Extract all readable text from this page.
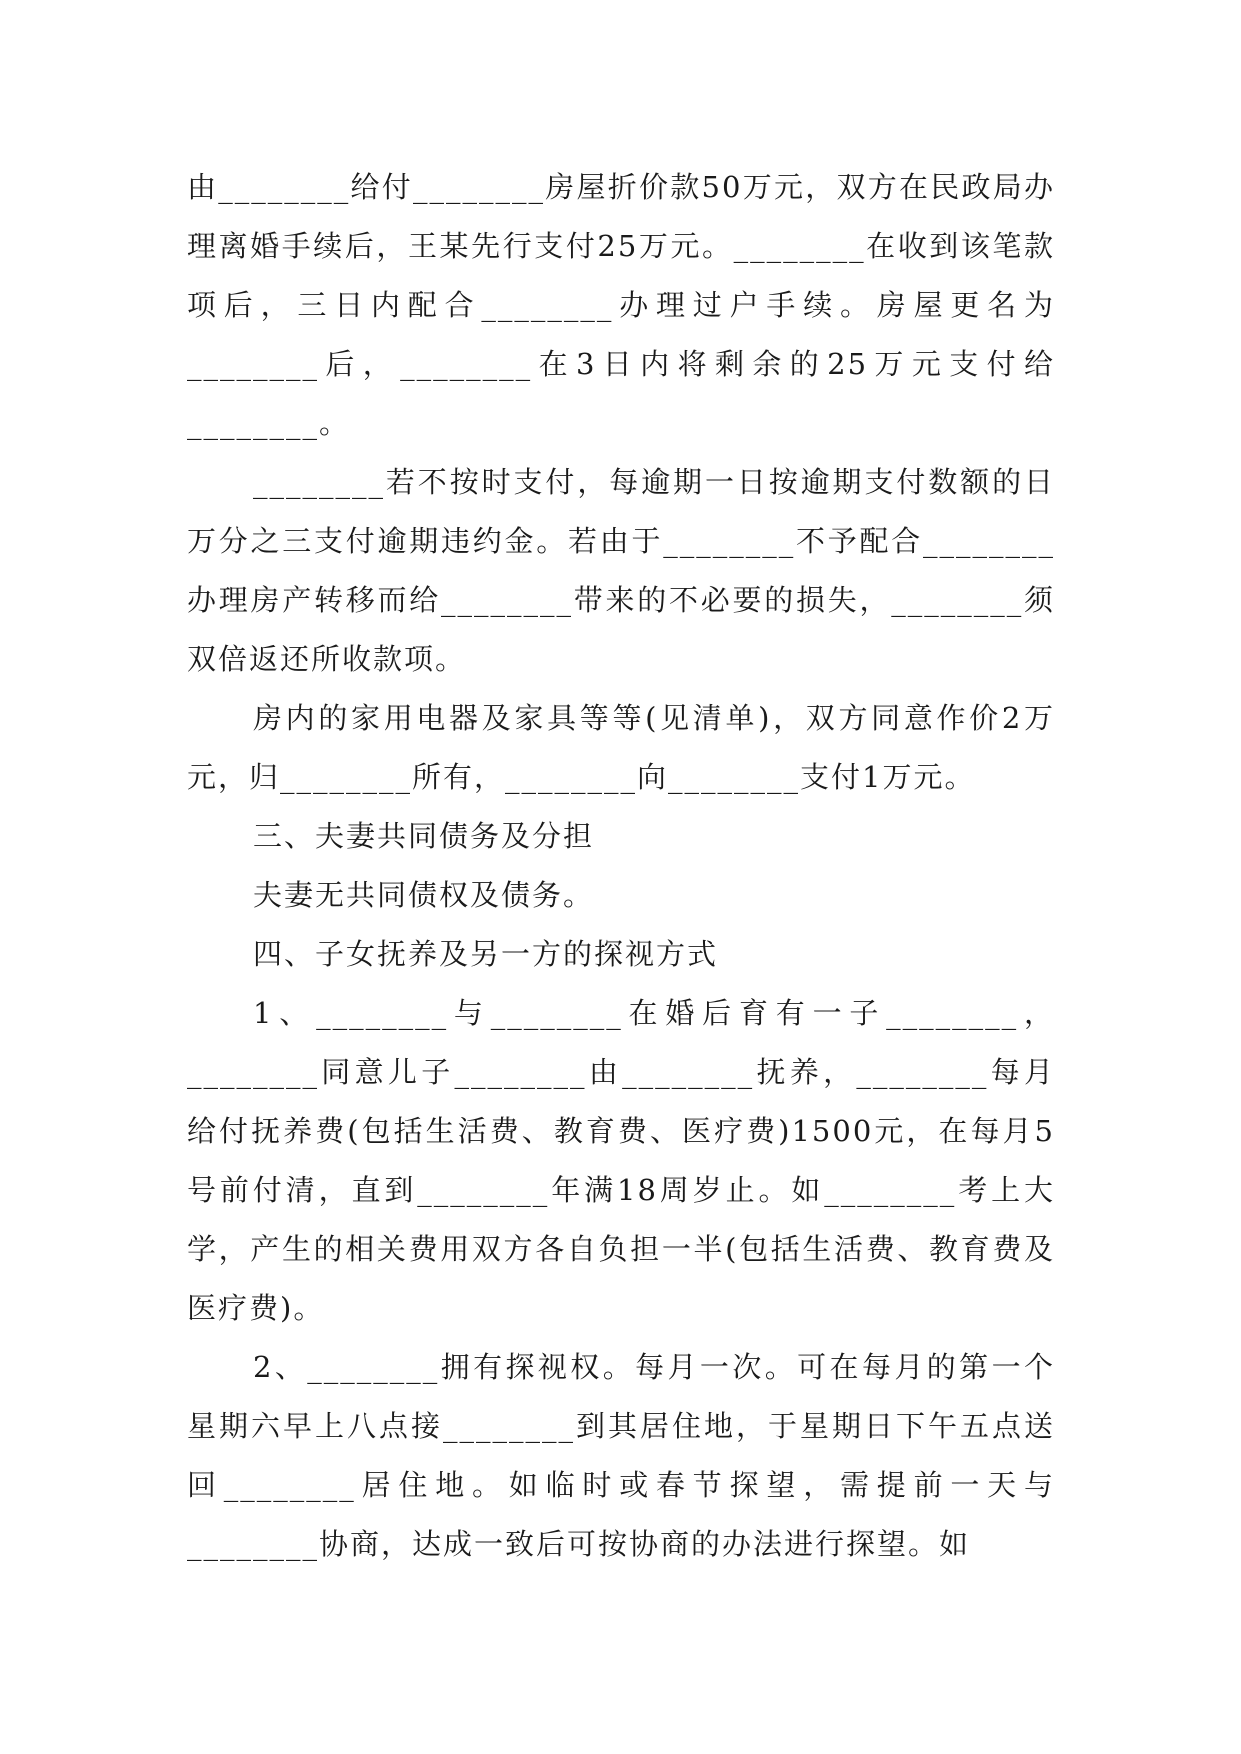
由________给付________房屋折价款50万元，双方在民政局办理离婚手续后，王某先行支付25万元。________在收到该笔款项后，三日内配合________办理过户手续。房屋更名为________后，________在3日内将剩余的25万元支付给________。

________若不按时支付，每逾期一日按逾期支付数额的日万分之三支付逾期违约金。若由于________不予配合________办理房产转移而给________带来的不必要的损失，________须双倍返还所收款项。

房内的家用电器及家具等等(见清单)，双方同意作价2万元，归________所有，________向________支付1万元。

三、夫妻共同债务及分担

夫妻无共同债权及债务。

四、子女抚养及另一方的探视方式

1、________与________在婚后育有一子________，________同意儿子________由________抚养，________每月给付抚养费(包括生活费、教育费、医疗费)1500元，在每月5号前付清，直到________年满18周岁止。如________考上大学，产生的相关费用双方各自负担一半(包括生活费、教育费及医疗费)。

2、________拥有探视权。每月一次。可在每月的第一个星期六早上八点接________到其居住地，于星期日下午五点送回________居住地。如临时或春节探望，需提前一天与________协商，达成一致后可按协商的办法进行探望。如
